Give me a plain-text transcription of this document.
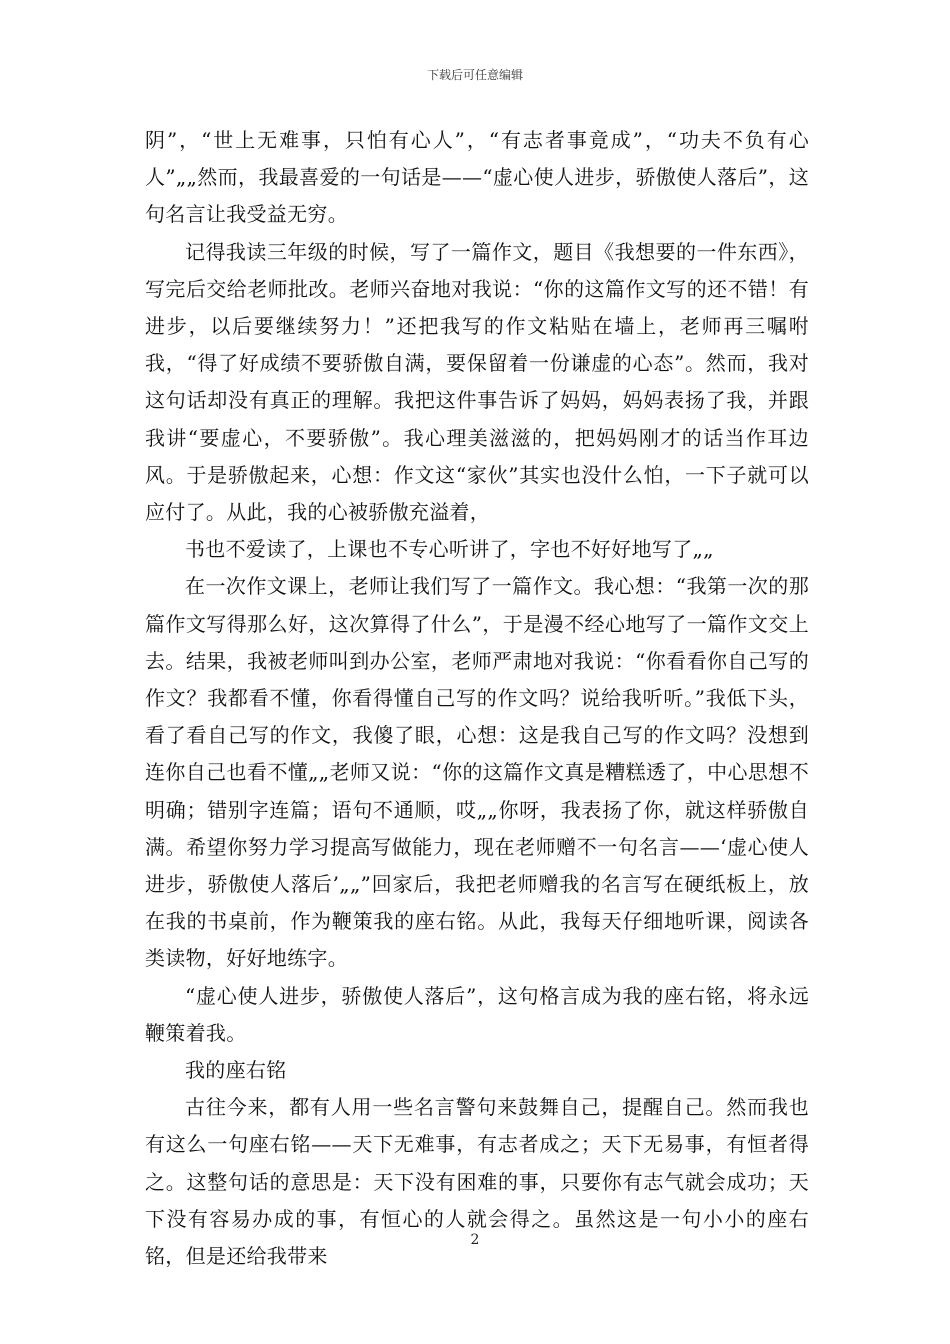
下载后可任意编辑

阴”，“世上无难事，只怕有心人”，“有志者事竟成”，“功夫不负有心人”„„然而，我最喜爱的一句话是——“虚心使人进步，骄傲使人落后”，这句名言让我受益无穷。

记得我读三年级的时候，写了一篇作文，题目《我想要的一件东西》，写完后交给老师批改。老师兴奋地对我说：“你的这篇作文写的还不错！有进步，以后要继续努力！”还把我写的作文粘贴在墙上，老师再三嘱咐我，“得了好成绩不要骄傲自满，要保留着一份谦虚的心态”。然而，我对这句话却没有真正的理解。我把这件事告诉了妈妈，妈妈表扬了我，并跟我讲“要虚心，不要骄傲”。我心理美滋滋的，把妈妈刚才的话当作耳边风。于是骄傲起来，心想：作文这“家伙”其实也没什么怕，一下子就可以应付了。从此，我的心被骄傲充溢着，

书也不爱读了，上课也不专心听讲了，字也不好好地写了„„

在一次作文课上，老师让我们写了一篇作文。我心想：“我第一次的那篇作文写得那么好，这次算得了什么”，于是漫不经心地写了一篇作文交上去。结果，我被老师叫到办公室，老师严肃地对我说：“你看看你自己写的作文？我都看不懂，你看得懂自己写的作文吗？说给我听听。”我低下头，看了看自己写的作文，我傻了眼，心想：这是我自己写的作文吗？没想到连你自己也看不懂„„老师又说：“你的这篇作文真是糟糕透了，中心思想不明确；错别字连篇；语句不通顺，哎„„你呀，我表扬了你，就这样骄傲自满。希望你努力学习提高写做能力，现在老师赠不一句名言——‘虚心使人进步，骄傲使人落后’„„”回家后，我把老师赠我的名言写在硬纸板上，放在我的书桌前，作为鞭策我的座右铭。从此，我每天仔细地听课，阅读各类读物，好好地练字。

“虚心使人进步，骄傲使人落后”，这句格言成为我的座右铭，将永远鞭策着我。

我的座右铭

古往今来，都有人用一些名言警句来鼓舞自己，提醒自己。然而我也有这么一句座右铭——天下无难事，有志者成之；天下无易事，有恒者得之。这整句话的意思是：天下没有困难的事，只要你有志气就会成功；天下没有容易办成的事，有恒心的人就会得之。虽然这是一句小小的座右铭，但是还给我带来

2
